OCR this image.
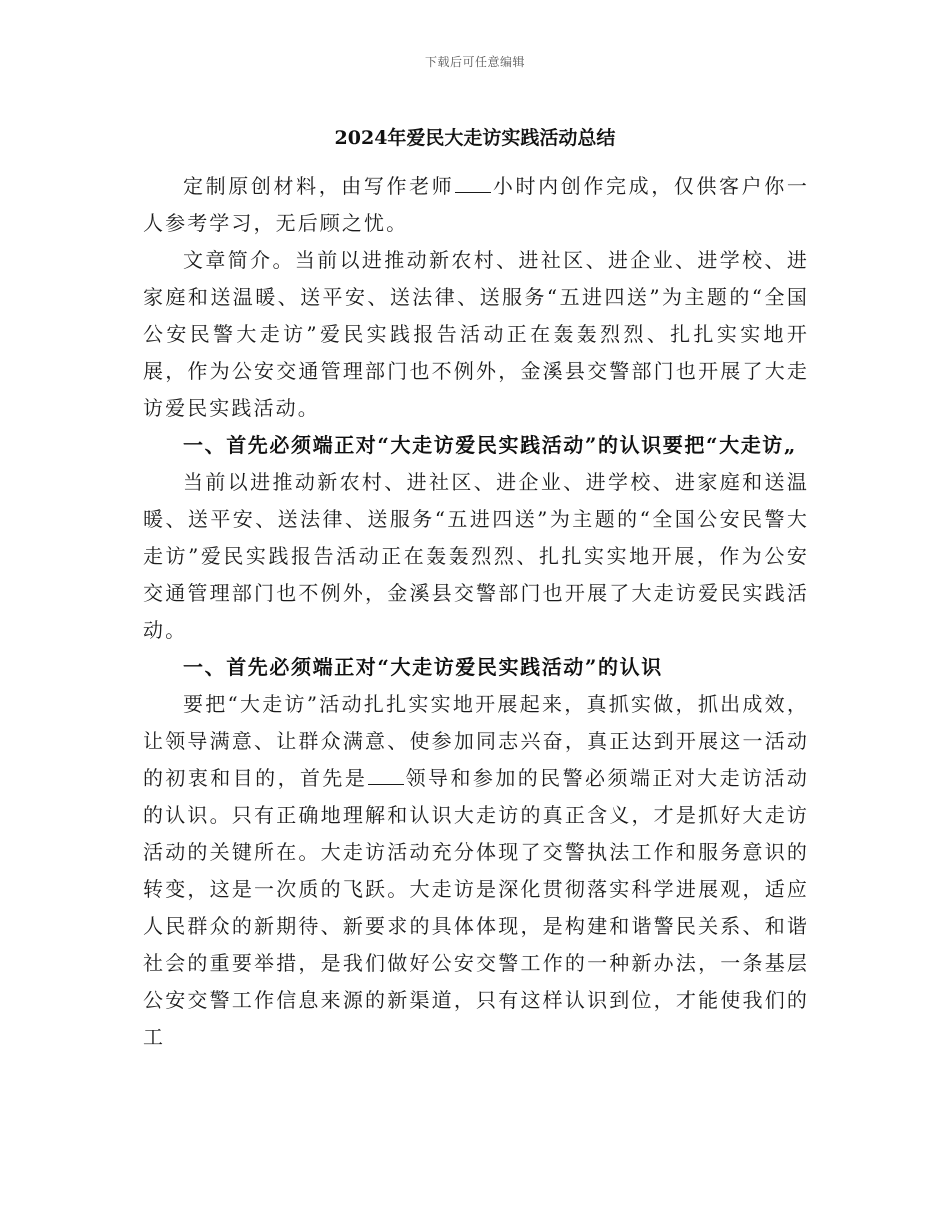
下载后可任意编辑
2024年爱民大走访实践活动总结

定制原创材料，由写作老师 小时内创作完成，仅供客户你一人参考学习，无后顾之忧。

文章简介。当前以进推动新农村、进社区、进企业、进学校、进家庭和送温暖、送平安、送法律、送服务“五进四送”为主题的“全国公安民警大走访”爱民实践报告活动正在轰轰烈烈、扎扎实实地开展，作为公安交通管理部门也不例外，金溪县交警部门也开展了大走访爱民实践活动。

一、首先必须端正对“大走访爱民实践活动”的认识要把“大走访„

当前以进推动新农村、进社区、进企业、进学校、进家庭和送温暖、送平安、送法律、送服务“五进四送”为主题的“全国公安民警大走访”爱民实践报告活动正在轰轰烈烈、扎扎实实地开展，作为公安交通管理部门也不例外，金溪县交警部门也开展了大走访爱民实践活动。

一、首先必须端正对“大走访爱民实践活动”的认识

要把“大走访”活动扎扎实实地开展起来，真抓实做，抓出成效，让领导满意、让群众满意、使参加同志兴奋，真正达到开展这一活动的初衷和目的，首先是 领导和参加的民警必须端正对大走访活动的认识。只有正确地理解和认识大走访的真正含义，才是抓好大走访活动的关键所在。大走访活动充分体现了交警执法工作和服务意识的转变，这是一次质的飞跃。大走访是深化贯彻落实科学进展观，适应人民群众的新期待、新要求的具体体现，是构建和谐警民关系、和谐社会的重要举措，是我们做好公安交警工作的一种新办法，一条基层公安交警工作信息来源的新渠道，只有这样认识到位，才能使我们的工
